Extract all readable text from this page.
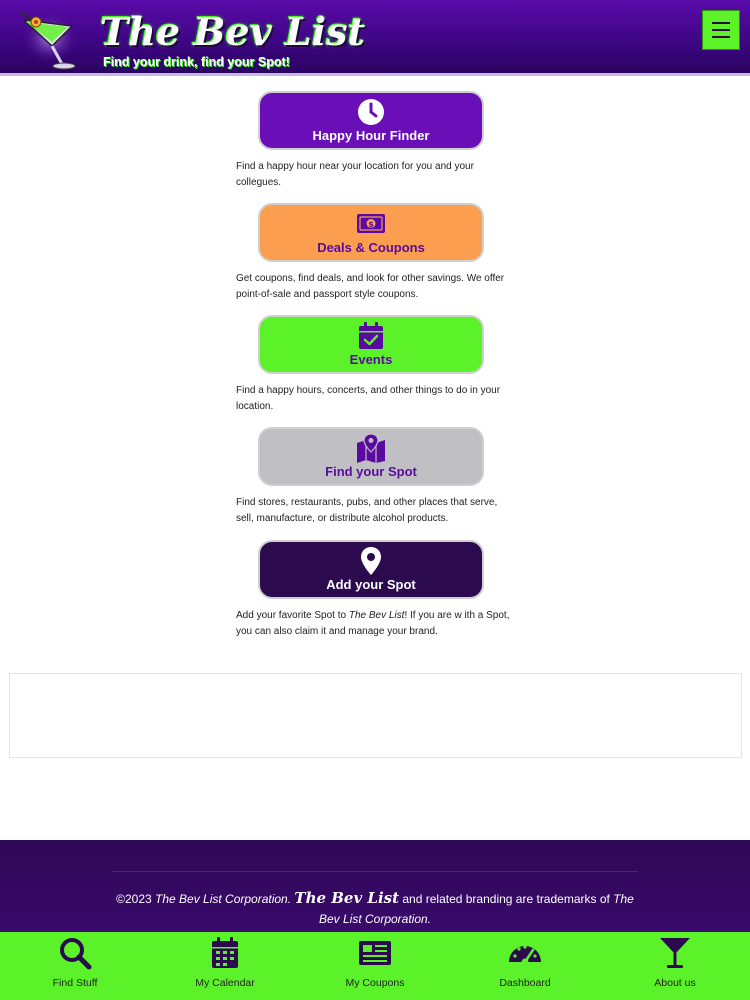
The Bev List
Find your drink, find your Spot!
Happy Hour Finder
Find a happy hour near your location for you and your collegues.
$
Deals & Coupons
Get coupons, find deals, and look for other savings. We offer point-of-sale and passport style coupons.
Events
Find a happy hours, concerts, and other things to do in your location.
Find your Spot
Find stores, restaurants, pubs, and other places that serve, sell, manufacture, or distribute alcohol products.
Add your Spot
Add your favorite Spot to The Bev List! If you are w ith a Spot, you can also claim it and manage your brand.
©2023 The Bev List Corporation. The Bev List and related branding are trademarks of The Bev List Corporation.
Find Stuff	My Calendar	My Coupons	Dashboard	About us
